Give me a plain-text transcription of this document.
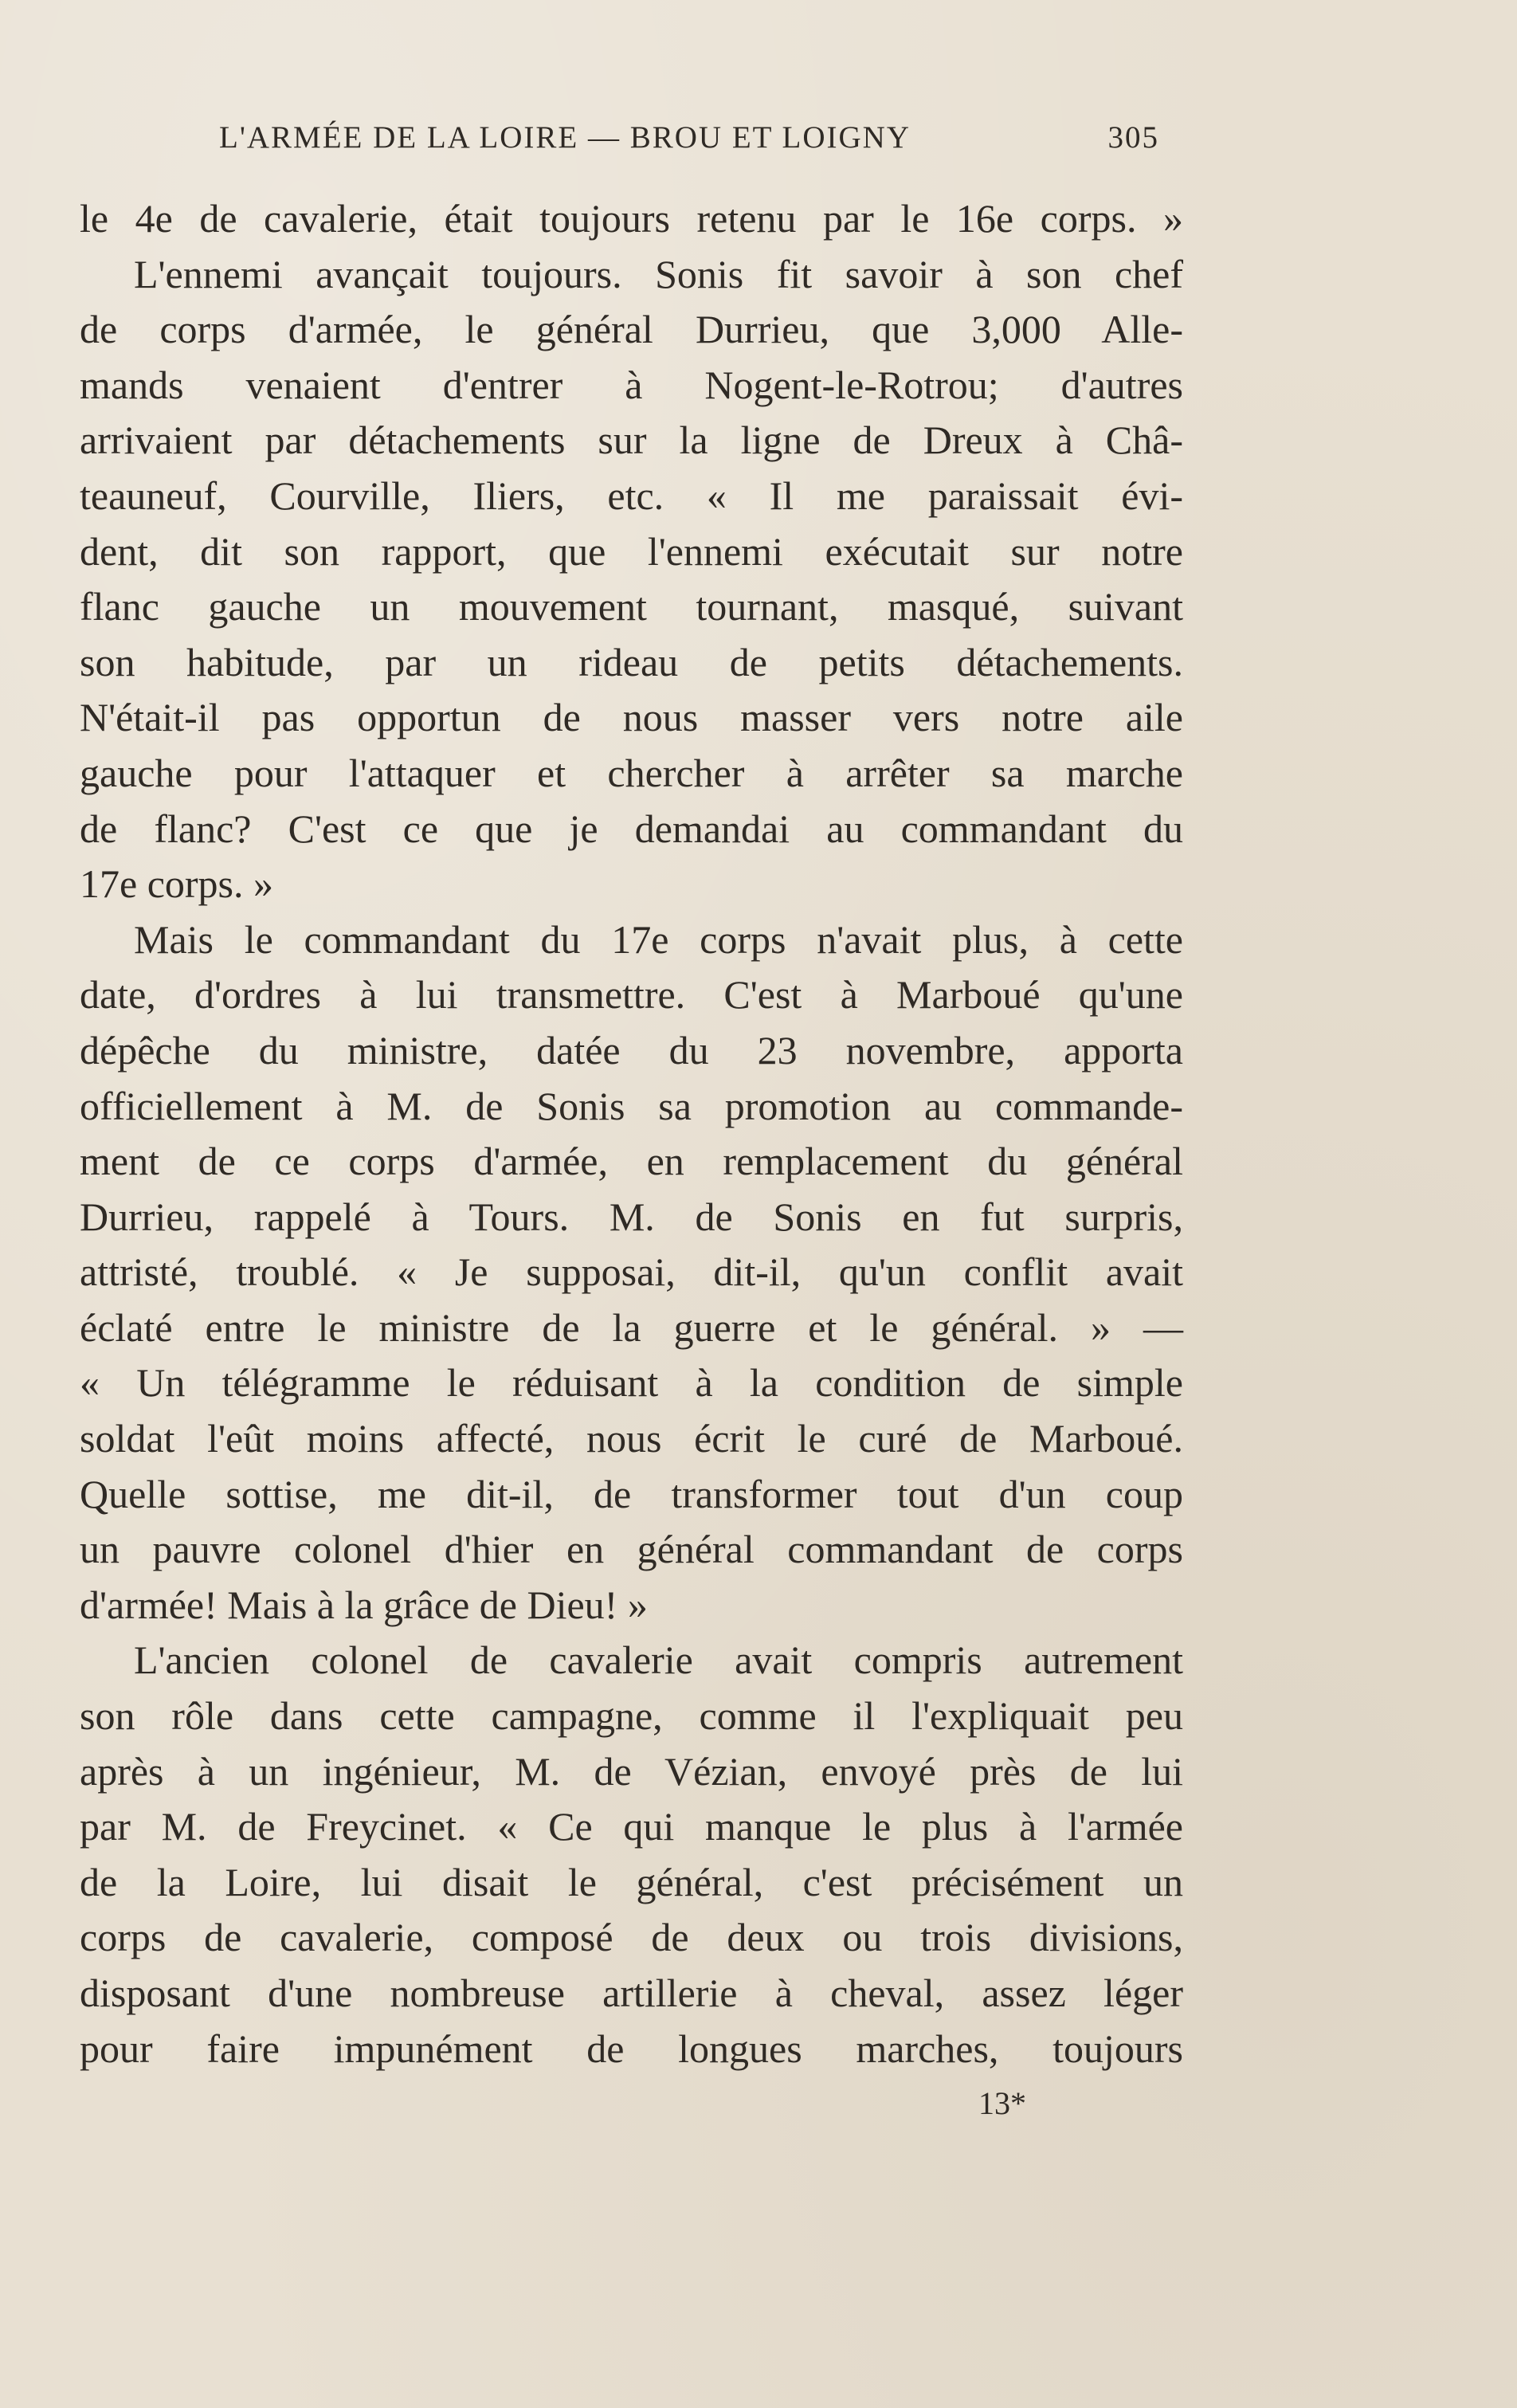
L'ARMÉE DE LA LOIRE — BROU ET LOIGNY	305
le 4e de cavalerie, était toujours retenu par le 16e corps. »
L'ennemi avançait toujours. Sonis fit savoir à son chef
de corps d'armée, le général Durrieu, que 3,000 Alle-
mands venaient d'entrer à Nogent-le-Rotrou; d'autres
arrivaient par détachements sur la ligne de Dreux à Châ-
teauneuf, Courville, Iliers, etc. « Il me paraissait évi-
dent, dit son rapport, que l'ennemi exécutait sur notre
flanc gauche un mouvement tournant, masqué, suivant
son habitude, par un rideau de petits détachements.
N'était-il pas opportun de nous masser vers notre aile
gauche pour l'attaquer et chercher à arrêter sa marche
de flanc? C'est ce que je demandai au commandant du
17e corps. »
Mais le commandant du 17e corps n'avait plus, à cette
date, d'ordres à lui transmettre. C'est à Marboué qu'une
dépêche du ministre, datée du 23 novembre, apporta
officiellement à M. de Sonis sa promotion au commande-
ment de ce corps d'armée, en remplacement du général
Durrieu, rappelé à Tours. M. de Sonis en fut surpris,
attristé, troublé. « Je supposai, dit-il, qu'un conflit avait
éclaté entre le ministre de la guerre et le général. » —
« Un télégramme le réduisant à la condition de simple
soldat l'eût moins affecté, nous écrit le curé de Marboué.
Quelle sottise, me dit-il, de transformer tout d'un coup
un pauvre colonel d'hier en général commandant de corps
d'armée! Mais à la grâce de Dieu! »
L'ancien colonel de cavalerie avait compris autrement
son rôle dans cette campagne, comme il l'expliquait peu
après à un ingénieur, M. de Vézian, envoyé près de lui
par M. de Freycinet. « Ce qui manque le plus à l'armée
de la Loire, lui disait le général, c'est précisément un
corps de cavalerie, composé de deux ou trois divisions,
disposant d'une nombreuse artillerie à cheval, assez léger
pour faire impunément de longues marches, toujours
13*
